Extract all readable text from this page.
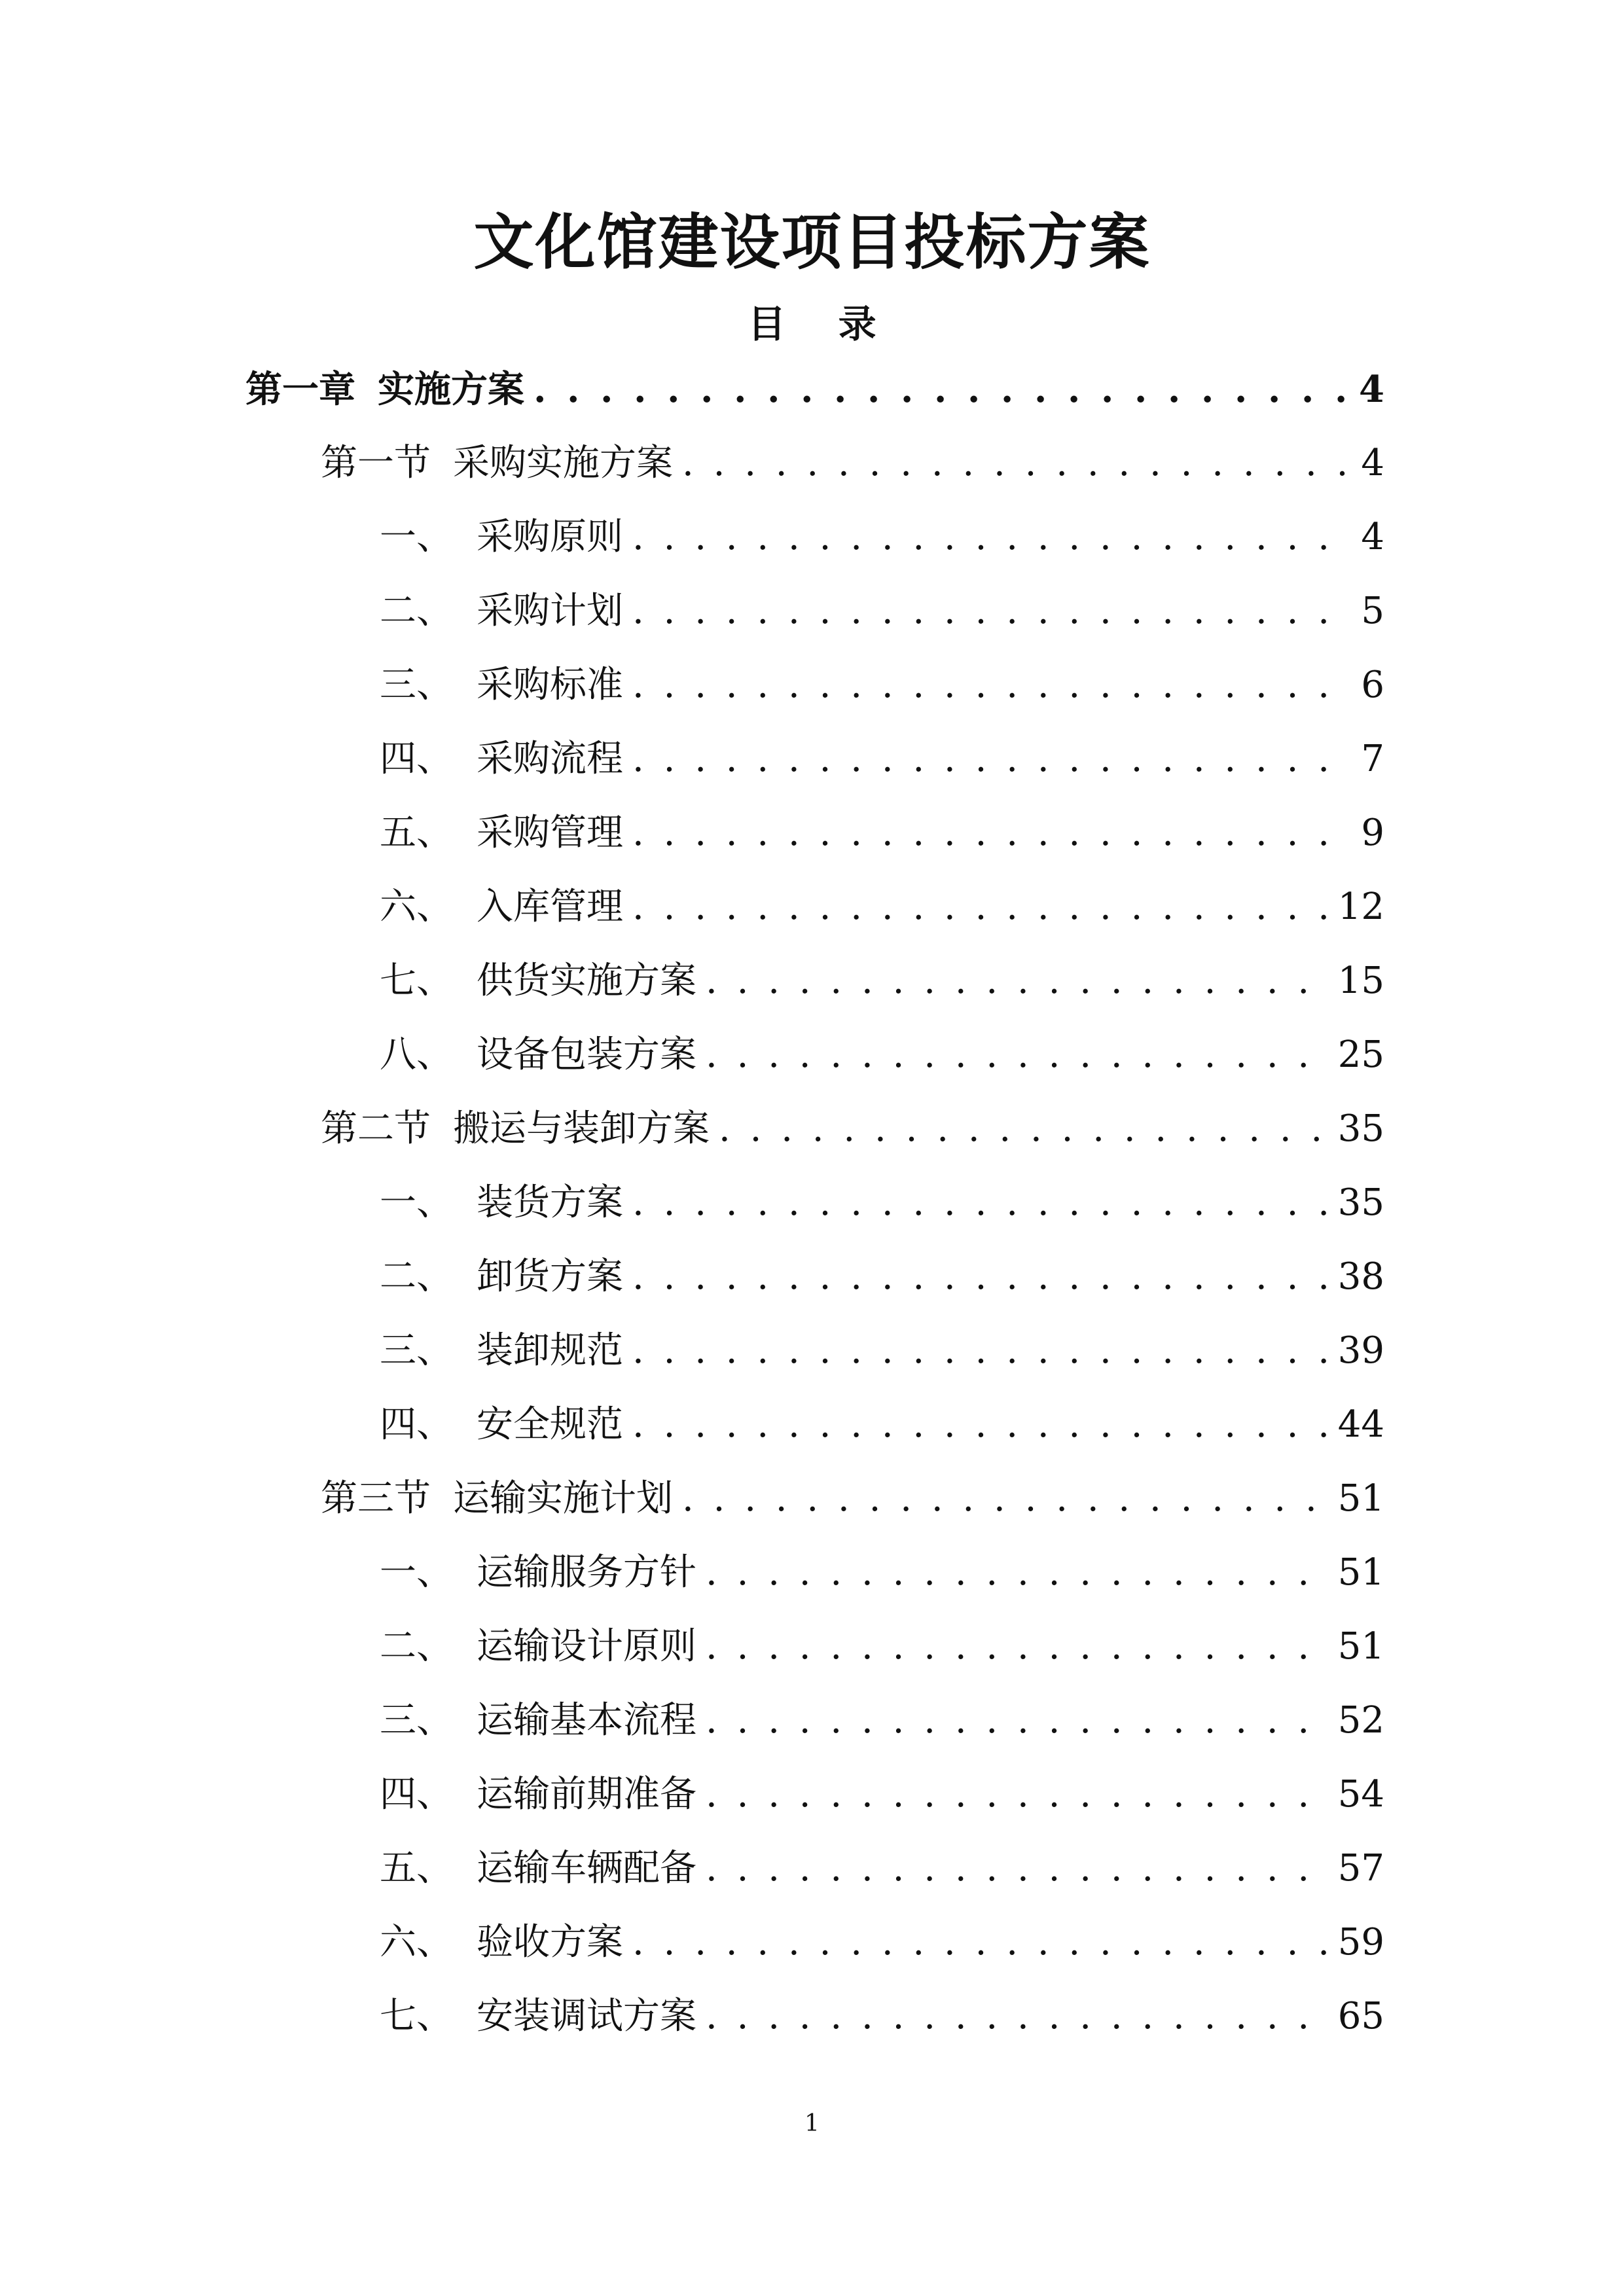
文化馆建设项目投标方案
目 录
第一章 实施方案 . . .	4
第一节 采购实施方案 . . .	4
一、 采购原则 . . .	4
二、 采购计划 . . .	5
三、 采购标准 . . .	6
四、 采购流程 . . .	7
五、 采购管理 . . .	9
六、 入库管理 . . .	12
七、 供货实施方案 . . .	15
八、 设备包装方案 . . .	25
第二节 搬运与装卸方案 . . .	35
一、 装货方案 . . .	35
二、 卸货方案 . . .	38
三、 装卸规范 . . .	39
四、 安全规范 . . .	44
第三节 运输实施计划 . . .	51
一、 运输服务方针 . . .	51
二、 运输设计原则 . . .	51
三、 运输基本流程 . . .	52
四、 运输前期准备 . . .	54
五、 运输车辆配备 . . .	57
六、 验收方案 . . .	59
七、 安装调试方案 . . .	65
1
